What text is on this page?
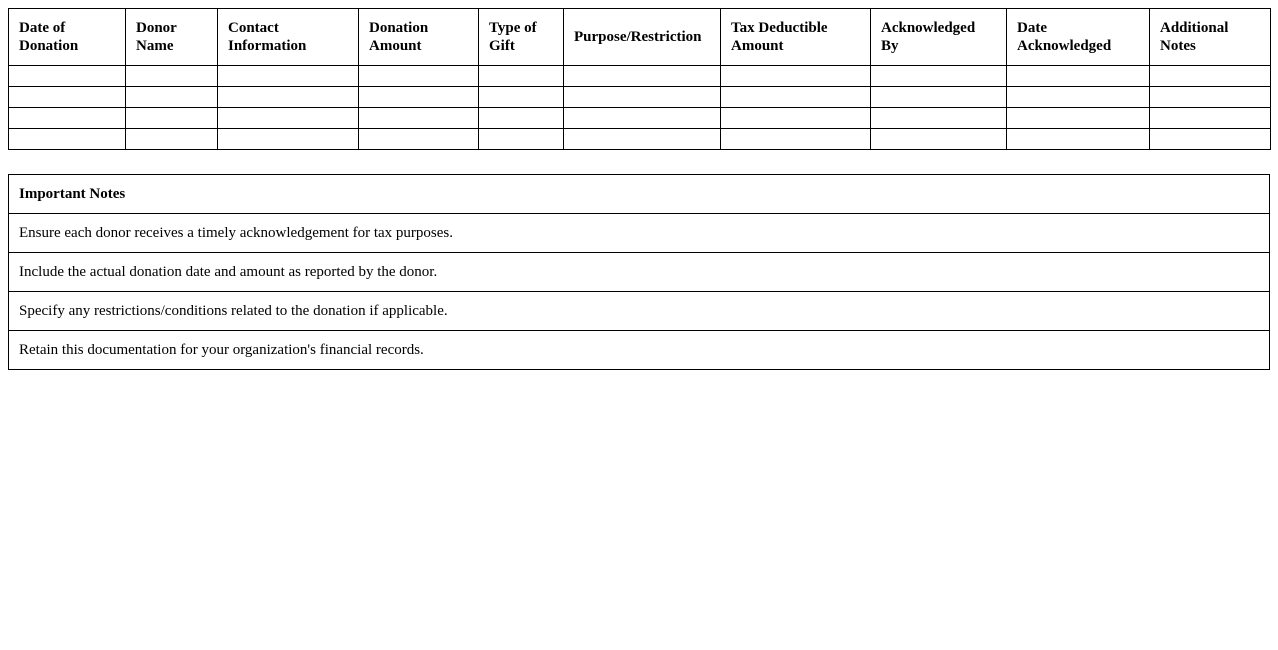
Date of Donation	Donor Name	Contact Information	Donation Amount	Type of Gift	Purpose/Restriction	Tax Deductible Amount	Acknowledged By	Date Acknowledged	Additional Notes

Important Notes
Ensure each donor receives a timely acknowledgement for tax purposes.
Include the actual donation date and amount as reported by the donor.
Specify any restrictions/conditions related to the donation if applicable.
Retain this documentation for your organization's financial records.
